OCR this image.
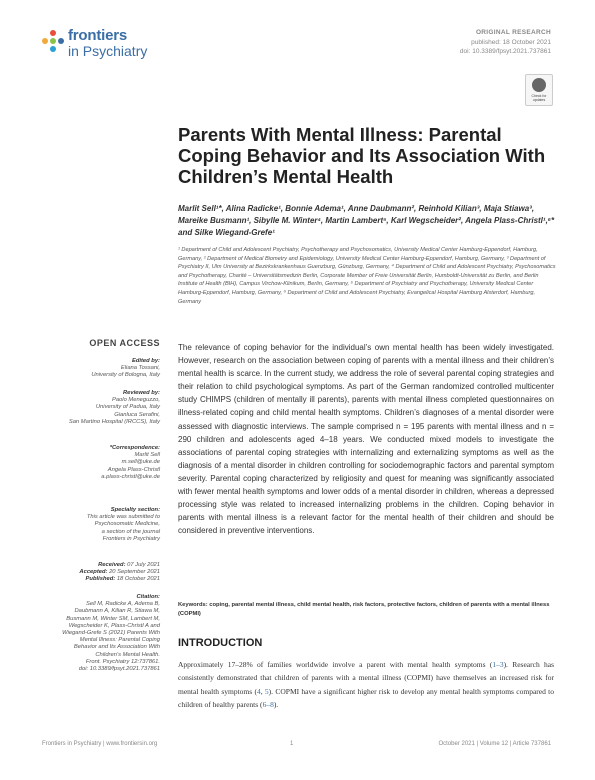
frontiers
in Psychiatry
ORIGINAL RESEARCH
published: 18 October 2021
doi: 10.3389/fpsyt.2021.737861
Check for updates
Parents With Mental Illness: Parental Coping Behavior and Its Association With Children’s Mental Health
Marlit Sell¹*, Alina Radicke¹, Bonnie Adema¹, Anne Daubmann², Reinhold Kilian³, Maja Stiawa³, Mareike Busmann¹, Sibylle M. Winter⁴, Martin Lambert⁵, Karl Wegscheider², Angela Plass-Christl¹,⁶* and Silke Wiegand-Grefe¹
¹ Department of Child and Adolescent Psychiatry, Psychotherapy and Psychosomatics, University Medical Center Hamburg-Eppendorf, Hamburg, Germany, ² Department of Medical Biometry and Epidemiology, University Medical Center Hamburg-Eppendorf, Hamburg, Germany, ³ Department of Psychiatry II, Ulm University at Bezirkskrankenhaus Guenzburg, Günzburg, Germany, ⁴ Department of Child and Adolescent Psychiatry, Psychosomatics and Psychotherapy, Charité – Universitätsmedizin Berlin, Corporate Member of Freie Universität Berlin, Humboldt-Universität zu Berlin, and Berlin Institute of Health (BIH), Campus Virchow-Klinikum, Berlin, Germany, ⁵ Department of Psychiatry and Psychotherapy, University Medical Center Hamburg-Eppendorf, Hamburg, Germany, ⁶ Department of Child and Adolescent Psychiatry, Evangelical Hospital Hamburg Alsterdorf, Hamburg, Germany
OPEN ACCESS
Edited by:
Eliana Tossani,
University of Bologna, Italy
Reviewed by:
Paolo Meneguzzo,
University of Padua, Italy
Gianluca Serafini,
San Martino Hospital (IRCCS), Italy
*Correspondence:
Marlit Sell
m.sell@uke.de
Angela Plass-Christl
a.plass-christl@uke.de
Specialty section:
This article was submitted to
Psychosomatic Medicine,
a section of the journal
Frontiers in Psychiatry
Received: 07 July 2021
Accepted: 20 September 2021
Published: 18 October 2021
Citation:
Sell M, Radicke A, Adema B,
Daubmann A, Kilian R, Stiawa M,
Busmann M, Winter SM, Lambert M,
Wegscheider K, Plass-Christl A and
Wiegand-Grefe S (2021) Parents With
Mental Illness: Parental Coping
Behavior and Its Association With
Children’s Mental Health.
Front. Psychiatry 12:737861.
doi: 10.3389/fpsyt.2021.737861
The relevance of coping behavior for the individual’s own mental health has been widely investigated. However, research on the association between coping of parents with a mental illness and their children’s mental health is scarce. In the current study, we address the role of several parental coping strategies and their relation to child psychological symptoms. As part of the German randomized controlled multicenter study CHIMPS (children of mentally ill parents), parents with mental illness completed questionnaires on illness-related coping and child mental health symptoms. Children’s diagnoses of a mental disorder were assessed with diagnostic interviews. The sample comprised n = 195 parents with mental illness and n = 290 children and adolescents aged 4–18 years. We conducted mixed models to investigate the associations of parental coping strategies with internalizing and externalizing symptoms as well as the diagnosis of a mental disorder in children controlling for sociodemographic factors and parental symptom severity. Parental coping characterized by religiosity and quest for meaning was significantly associated with fewer mental health symptoms and lower odds of a mental disorder in children, whereas a depressed processing style was related to increased internalizing problems in the children. Coping behavior in parents with mental illness is a relevant factor for the mental health of their children and should be considered in preventive interventions.
Keywords: coping, parental mental illness, child mental health, risk factors, protective factors, children of parents with a mental illness (COPMI)
INTRODUCTION
Approximately 17–28% of families worldwide involve a parent with mental health symptoms (1–3). Research has consistently demonstrated that children of parents with a mental illness (COPMI) have themselves an increased risk for mental health symptoms (4, 5). COPMI have a significant higher risk to develop any mental health symptoms compared to children of healthy parents (6–8).
Frontiers in Psychiatry | www.frontiersin.org	1	October 2021 | Volume 12 | Article 737861
